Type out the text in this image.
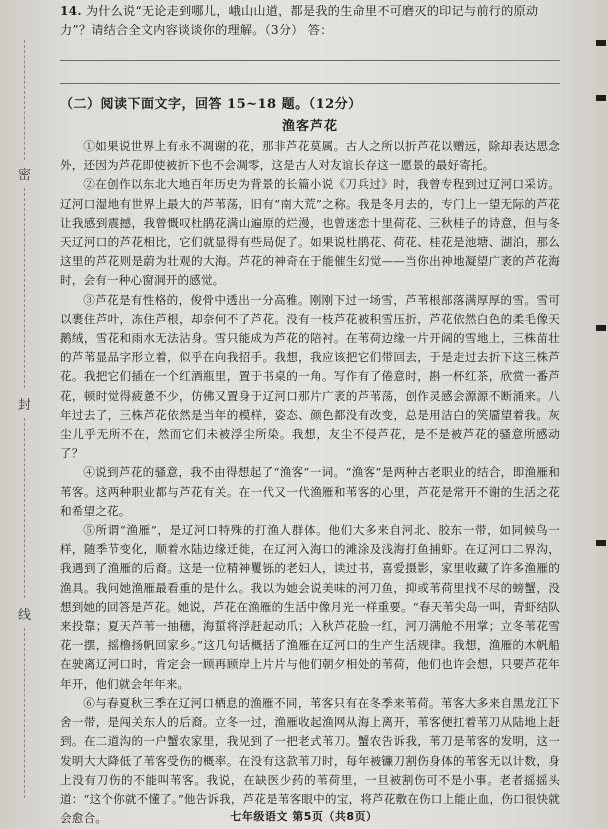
密
封
线
14. 为什么说“无论走到哪儿，峨山山道，都是我的生命里不可磨灭的印记与前行的原动力”？请结合全文内容谈谈你的理解。（3分） 答：
（二）阅读下面文字，回答 15~18 题。（12分）
渔客芦花

①如果说世界上有永不凋谢的花，那非芦花莫属。古人之所以折芦花以赠远，除却表达思念外，还因为芦花即使被折下也不会凋零，这是古人对友谊长存这一愿景的最好寄托。

②在创作以东北大地百年历史为背景的长篇小说《刀兵过》时，我曾专程到过辽河口采访。辽河口湿地有世界上最大的芦苇荡，旧有“南大荒”之称。我是冬月去的，专门上一望无际的芦花让我感到震撼，我曾慨叹杜鹃花满山遍原的烂漫，也曾迷恋十里荷花、三秋桂子的诗意，但与冬天辽河口的芦花相比，它们就显得有些局促了。如果说杜鹃花、荷花、桂花是池塘、湖泊，那么这里的芦花则是蔚为壮观的大海。芦花的神奇在于能催生幻觉——当你出神地凝望广袤的芦花海时，会有一种心窗洞开的感觉。

③芦花是有性格的，俊骨中透出一分高雅。刚刚下过一场雪，芦苇根部落满厚厚的雪。雪可以裹住芦叶，冻住芦根，却奈何不了芦花。没有一枝芦花被积雪压折，芦花依然白色的柔毛像天鹅绒，雪花和雨水无法沾身。雪只能成为芦花的陪衬。在苇荷边缘一片开阔的雪地上，三株苗壮的芦苇显品字形立着，似乎在向我招手。我想，我应该把它们带回去，于是走过去折下这三株芦花。我把它们插在一个红酒瓶里，置于书桌的一角。写作有了倦意时，斟一杯红茶，欣赏一番芦花，顿时觉得疲惫不少，仿佛又置身于辽河口那片广袤的芦苇荡，创作灵感会源源不断涌来。八年过去了，三株芦花依然是当年的模样，姿态、颜色都没有改变，总是用洁白的笑靥望着我。灰尘儿乎无所不在，然而它们未被浮尘所染。我想，友尘不侵芦花，是不是被芦花的骚意所感动了？

④说到芦花的骚意，我不由得想起了“渔客”一词。“渔客”是两种古老职业的结合，即渔雁和苇客。这两种职业都与芦花有关。在一代又一代渔雁和苇客的心里，芦花是常开不谢的生活之花和希望之花。

⑤所谓“渔雁”，是辽河口特殊的打渔人群体。他们大多来自河北、胶东一带，如同候鸟一样，随季节变化，顺着水陆边缘迁徙，在辽河入海口的滩涂及浅海打鱼捕虾。在辽河口二界沟，我遇到了渔雁的后裔。这是一位精神矍铄的老妇人，读过书，喜爱摄影，家里收藏了许多渔雁的渔具。我问她渔雁最看重的是什么。我以为她会说美味的河刀鱼，抑或苇荷里找不尽的螃蟹，没想到她的回答是芦花。她说，芦花在渔雁的生活中像月光一样重要。“春天苇尖岛一叫，青虾结队来投靠；夏天芦苇一抽穗，海蜇将浮赶起动爪；入秋芦花脸一红，河刀满舱不用掌；立冬苇花雪花一摆，摇橹扬帆回家乡。”这几句话概括了渔雁在辽河口的生产生活规律。我想，渔雁的木帆船在驶离辽河口时，肯定会一顾再顾岸上片片与他们朝夕相处的苇荷，他们也许会想，只要芦花年年开，他们就会年年来。

⑥与春夏秋三季在辽河口栖息的渔雁不同，苇客只有在冬季来苇荷。苇客大多来自黑龙江下舍一带，是闯关东人的后裔。立冬一过，渔雁收起渔网从海上离开，苇客便扛着苇刀从陆地上赶到。在二道沟的一户蟹农家里，我见到了一把老式苇刀。蟹农告诉我，苇刀是苇客的发明，这一发明大大降低了苇客受伤的概率。在没有这款苇刀时，每年被镰刀割伤身体的苇客无以计数，身上没有刀伤的不能叫苇客。我说，在缺医少药的苇荷里，一旦被割伤可不是小事。老者摇摇头道：“这个你就不懂了。”他告诉我，芦花是苇客眼中的宝，将芦花敷在伤口上能止血，伤口很快就会愈合。	七年级语文 第5页（共8页）
